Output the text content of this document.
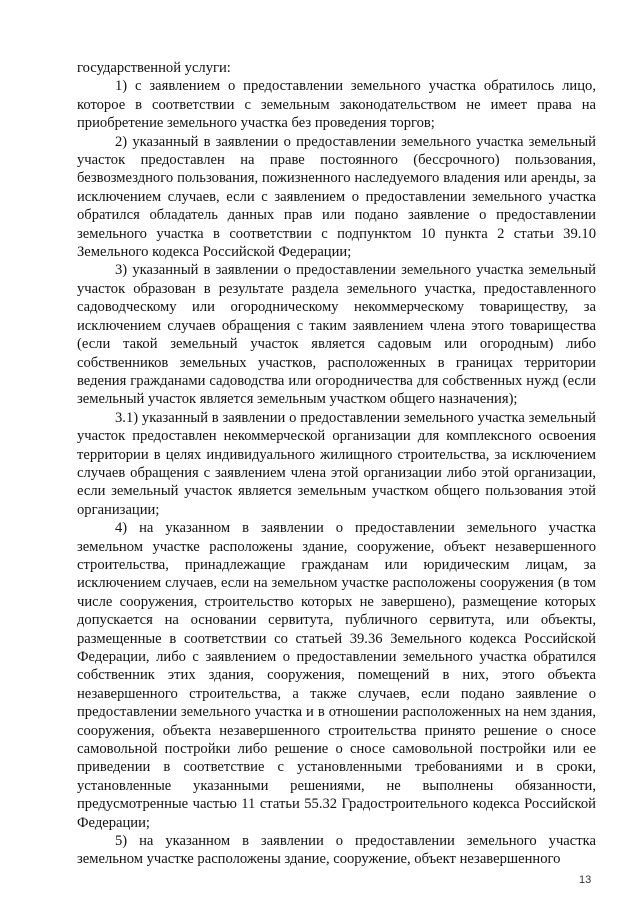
государственной услуги:

1) с заявлением о предоставлении земельного участка обратилось лицо, которое в соответствии с земельным законодательством не имеет права на приобретение земельного участка без проведения торгов;

2) указанный в заявлении о предоставлении земельного участка земельный участок предоставлен на праве постоянного (бессрочного) пользования, безвозмездного пользования, пожизненного наследуемого владения или аренды, за исключением случаев, если с заявлением о предоставлении земельного участка обратился обладатель данных прав или подано заявление о предоставлении земельного участка в соответствии с подпунктом 10 пункта 2 статьи 39.10 Земельного кодекса Российской Федерации;

3) указанный в заявлении о предоставлении земельного участка земельный участок образован в результате раздела земельного участка, предоставленного садоводческому или огородническому некоммерческому товариществу, за исключением случаев обращения с таким заявлением члена этого товарищества (если такой земельный участок является садовым или огородным) либо собственников земельных участков, расположенных в границах территории ведения гражданами садоводства или огородничества для собственных нужд (если земельный участок является земельным участком общего назначения);

3.1) указанный в заявлении о предоставлении земельного участка земельный участок предоставлен некоммерческой организации для комплексного освоения территории в целях индивидуального жилищного строительства, за исключением случаев обращения с заявлением члена этой организации либо этой организации, если земельный участок является земельным участком общего пользования этой организации;

4) на указанном в заявлении о предоставлении земельного участка земельном участке расположены здание, сооружение, объект незавершенного строительства, принадлежащие гражданам или юридическим лицам, за исключением случаев, если на земельном участке расположены сооружения (в том числе сооружения, строительство которых не завершено), размещение которых допускается на основании сервитута, публичного сервитута, или объекты, размещенные в соответствии со статьей 39.36 Земельного кодекса Российской Федерации, либо с заявлением о предоставлении земельного участка обратился собственник этих здания, сооружения, помещений в них, этого объекта незавершенного строительства, а также случаев, если подано заявление о предоставлении земельного участка и в отношении расположенных на нем здания, сооружения, объекта незавершенного строительства принято решение о сносе самовольной постройки либо решение о сносе самовольной постройки или ее приведении в соответствие с установленными требованиями и в сроки, установленные указанными решениями, не выполнены обязанности, предусмотренные частью 11 статьи 55.32 Градостроительного кодекса Российской Федерации;

5) на указанном в заявлении о предоставлении земельного участка земельном участке расположены здание, сооружение, объект незавершенного

13
